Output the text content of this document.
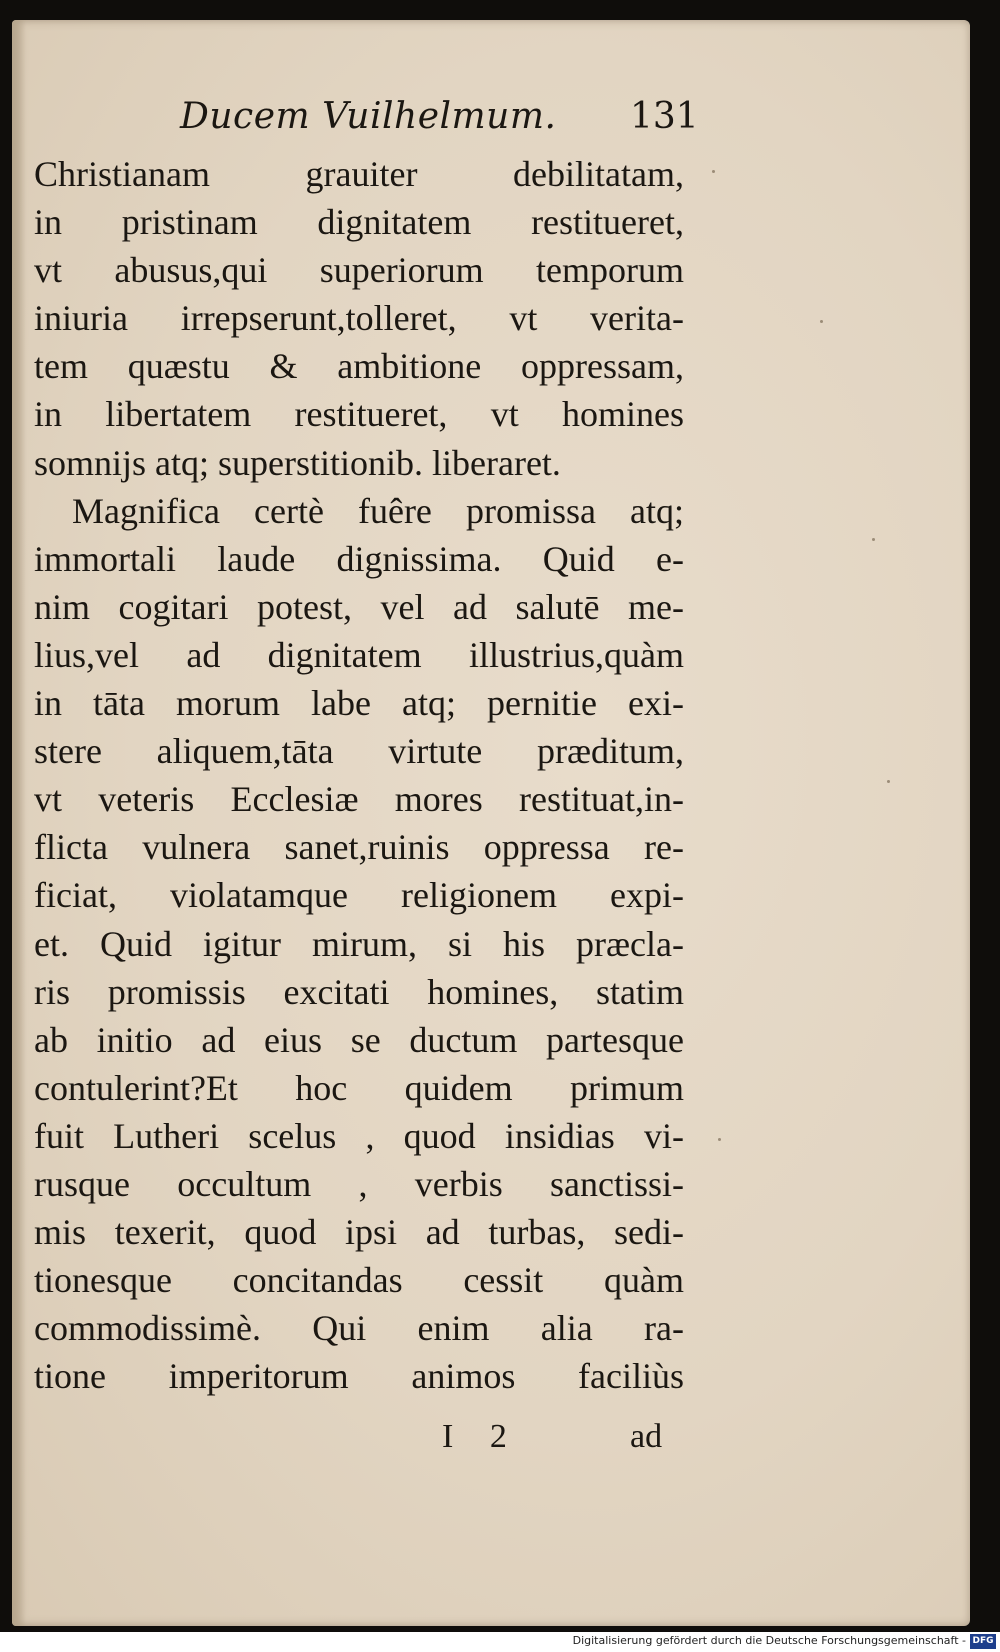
Ducem Vuilhelmum. 131
Christianam grauiter debilitatam,
in pristinam dignitatem restitueret,
vt abusus,qui superiorum temporum
iniuria irrepserunt,tolleret, vt verita-
tem quæstu & ambitione oppressam,
in libertatem restitueret, vt homines
somnijs atq; superstitionib. liberaret.
Magnifica certè fuêre promissa atq;
immortali laude dignissima. Quid e-
nim cogitari potest, vel ad salutē me-
lius,vel ad dignitatem illustrius,quàm
in tāta morum labe atq; pernitie exi-
stere aliquem,tāta virtute præditum,
vt veteris Ecclesiæ mores restituat,in-
flicta vulnera sanet,ruinis oppressa re-
ficiat, violatamque religionem expi-
et. Quid igitur mirum, si his præcla-
ris promissis excitati homines, statim
ab initio ad eius se ductum partesque
contulerint?Et hoc quidem primum
fuit Lutheri scelus , quod insidias vi-
rusque occultum , verbis sanctissi-
mis texerit, quod ipsi ad turbas, sedi-
tionesque concitandas cessit quàm
commodissimè. Qui enim alia ra-
tione imperitorum animos faciliùs
I 2	ad
Digitalisierung gefördert durch die Deutsche Forschungsgemeinschaft - DFG
